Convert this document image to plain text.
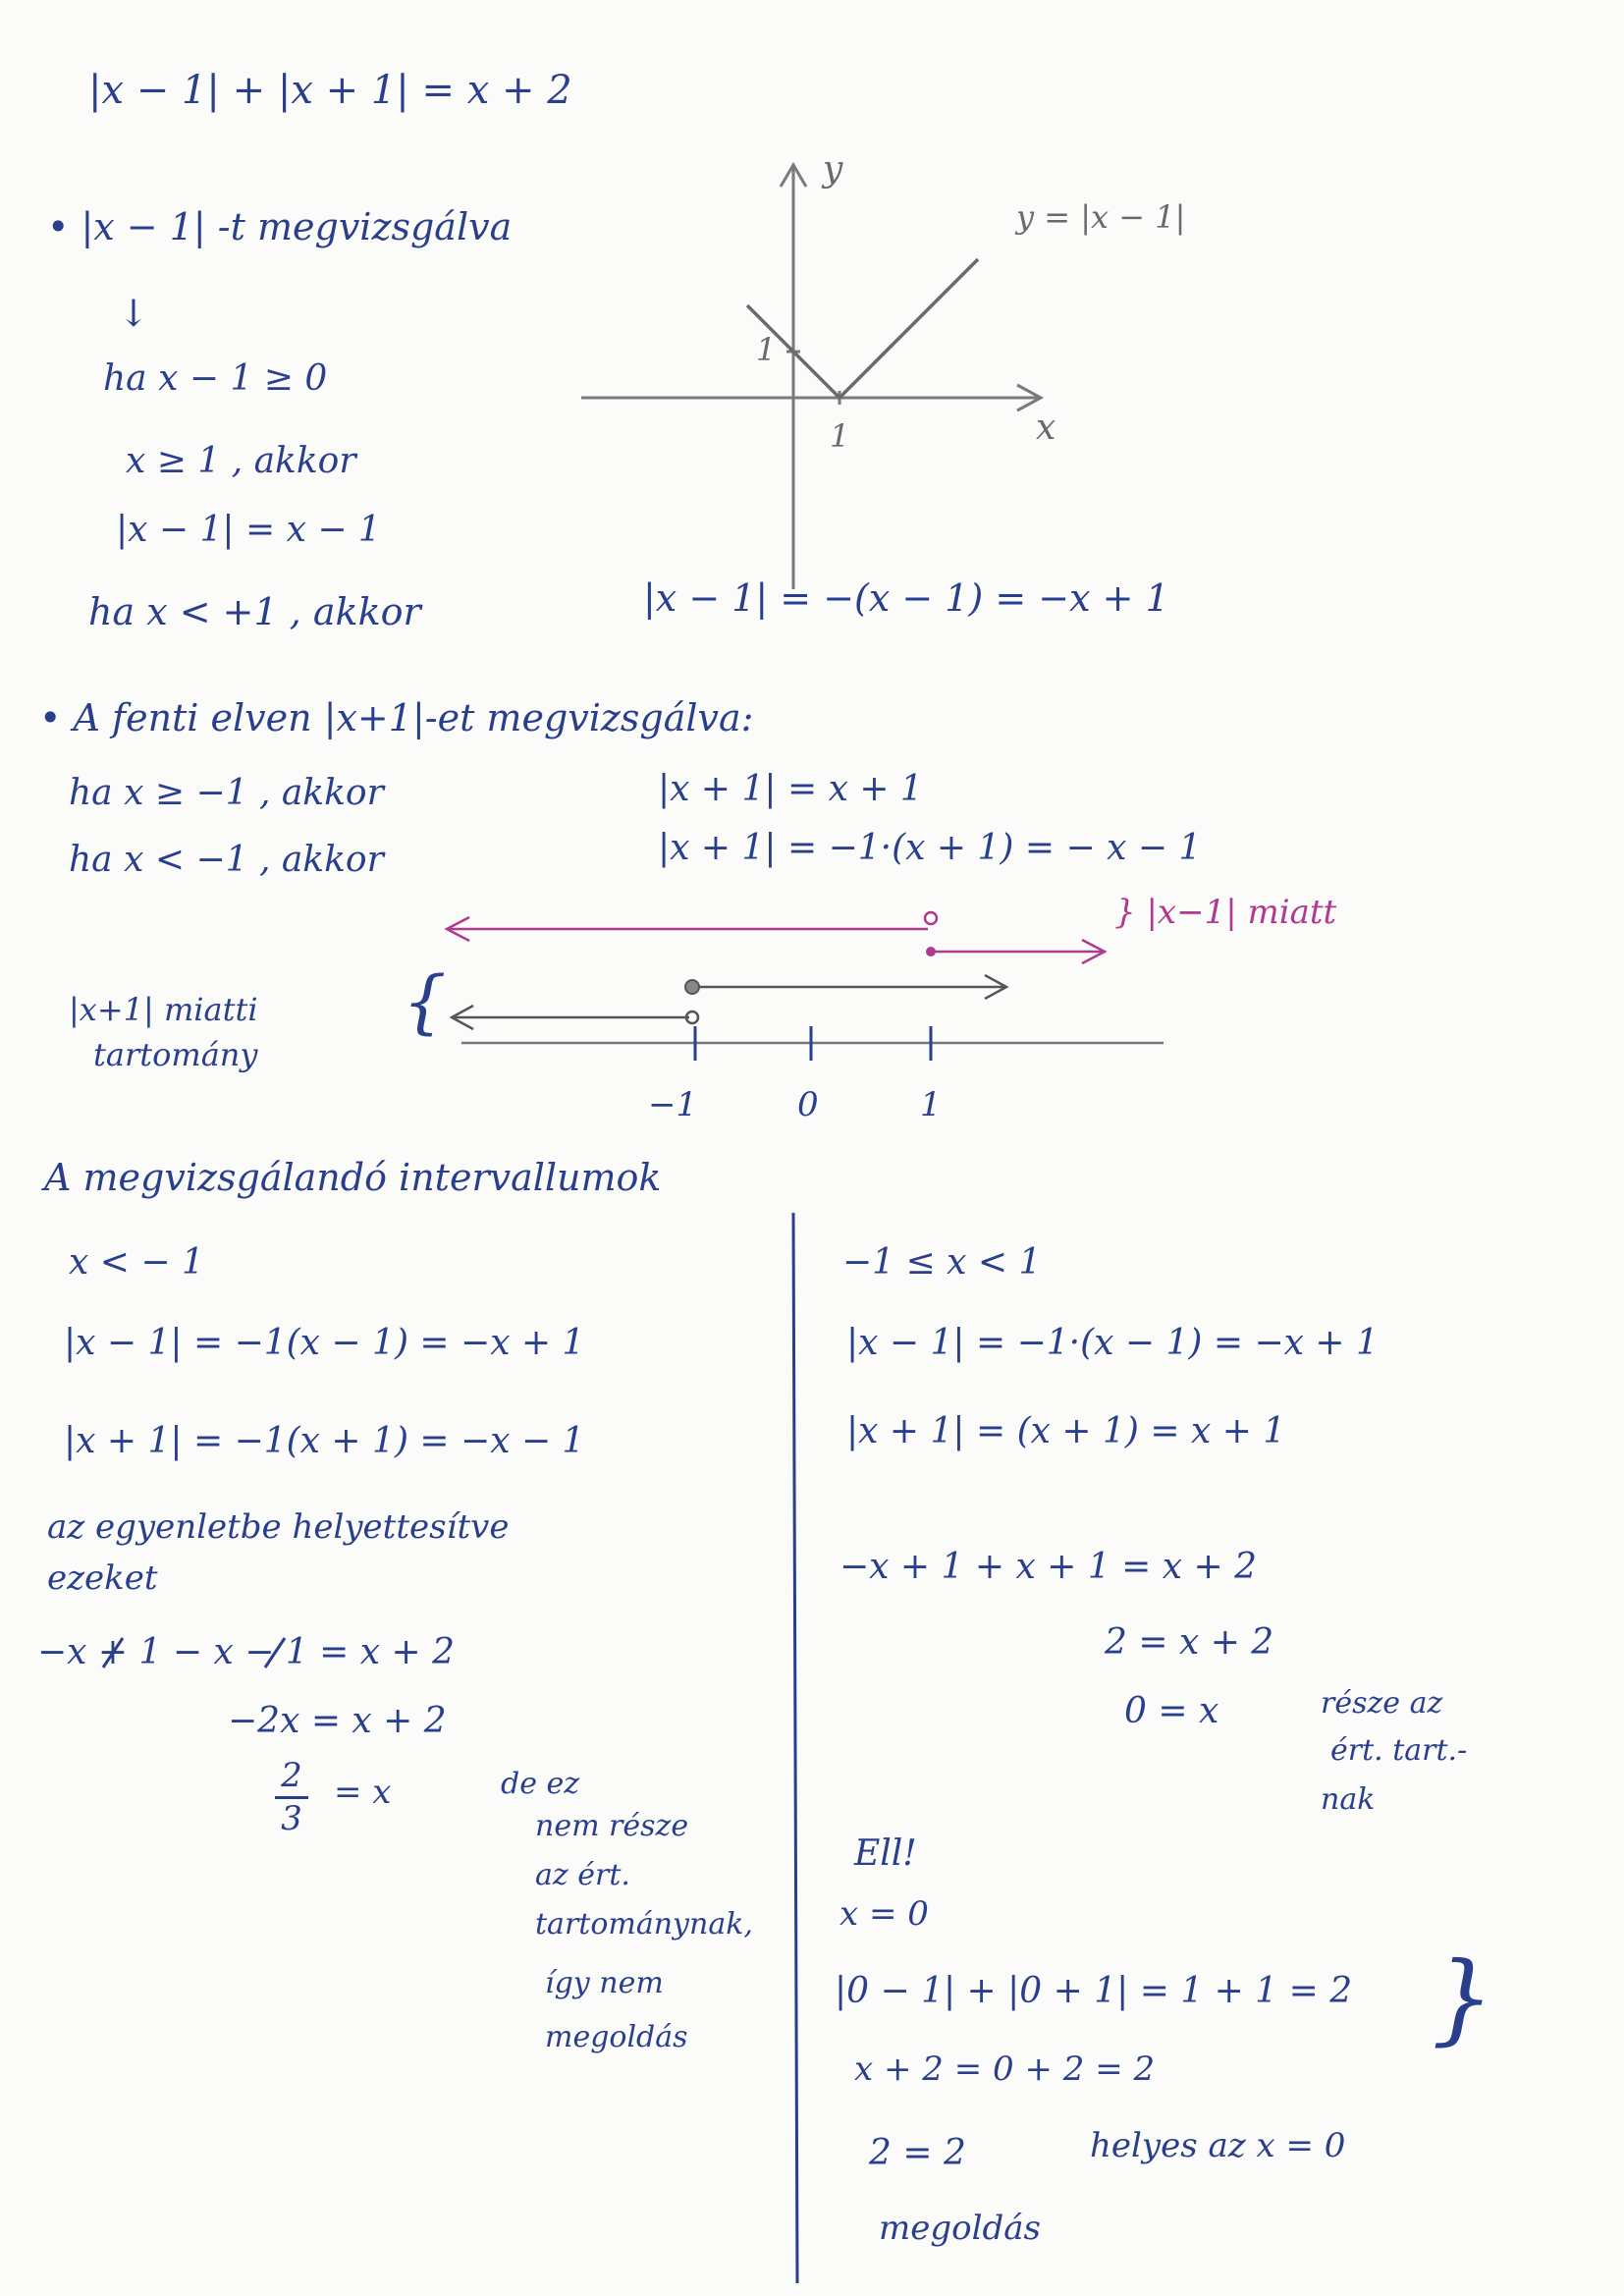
|x − 1| + |x + 1| = x + 2
• |x − 1| -t megvizsgálva
↓
ha x − 1 ≥ 0
x ≥ 1 , akkor
|x − 1| = x − 1
ha x < +1 , akkor	|x − 1| = −(x − 1) = −x + 1
y
x
y = |x − 1|
1
1
• A fenti elven |x+1|-et megvizsgálva:
ha x ≥ −1 , akkor	|x + 1| = x + 1
ha x < −1 , akkor	|x + 1| = −1·(x + 1) = − x − 1
} |x−1| miatt
|x+1| miatti
tartomány
{
−1	0	1
A megvizsgálandó intervallumok
x < − 1
|x − 1| = −1(x − 1) = −x + 1
|x + 1| = −1(x + 1) = −x − 1
az egyenletbe helyettesítve
ezeket
−x + 1 − x − 1 = x + 2
−2x = x + 2
2
3
= x	de ez
nem része
az ért.
tartománynak,
így nem
megoldás
−1 ≤ x < 1
|x − 1| = −1·(x − 1) = −x + 1
|x + 1| = (x + 1) = x + 1
−x + 1 + x + 1 = x + 2
2 = x + 2
0 = x	része az
ért. tart.-
nak
Ell!
x = 0
|0 − 1| + |0 + 1| = 1 + 1 = 2
x + 2 = 0 + 2 = 2
}
2 = 2	helyes az x = 0
megoldás
